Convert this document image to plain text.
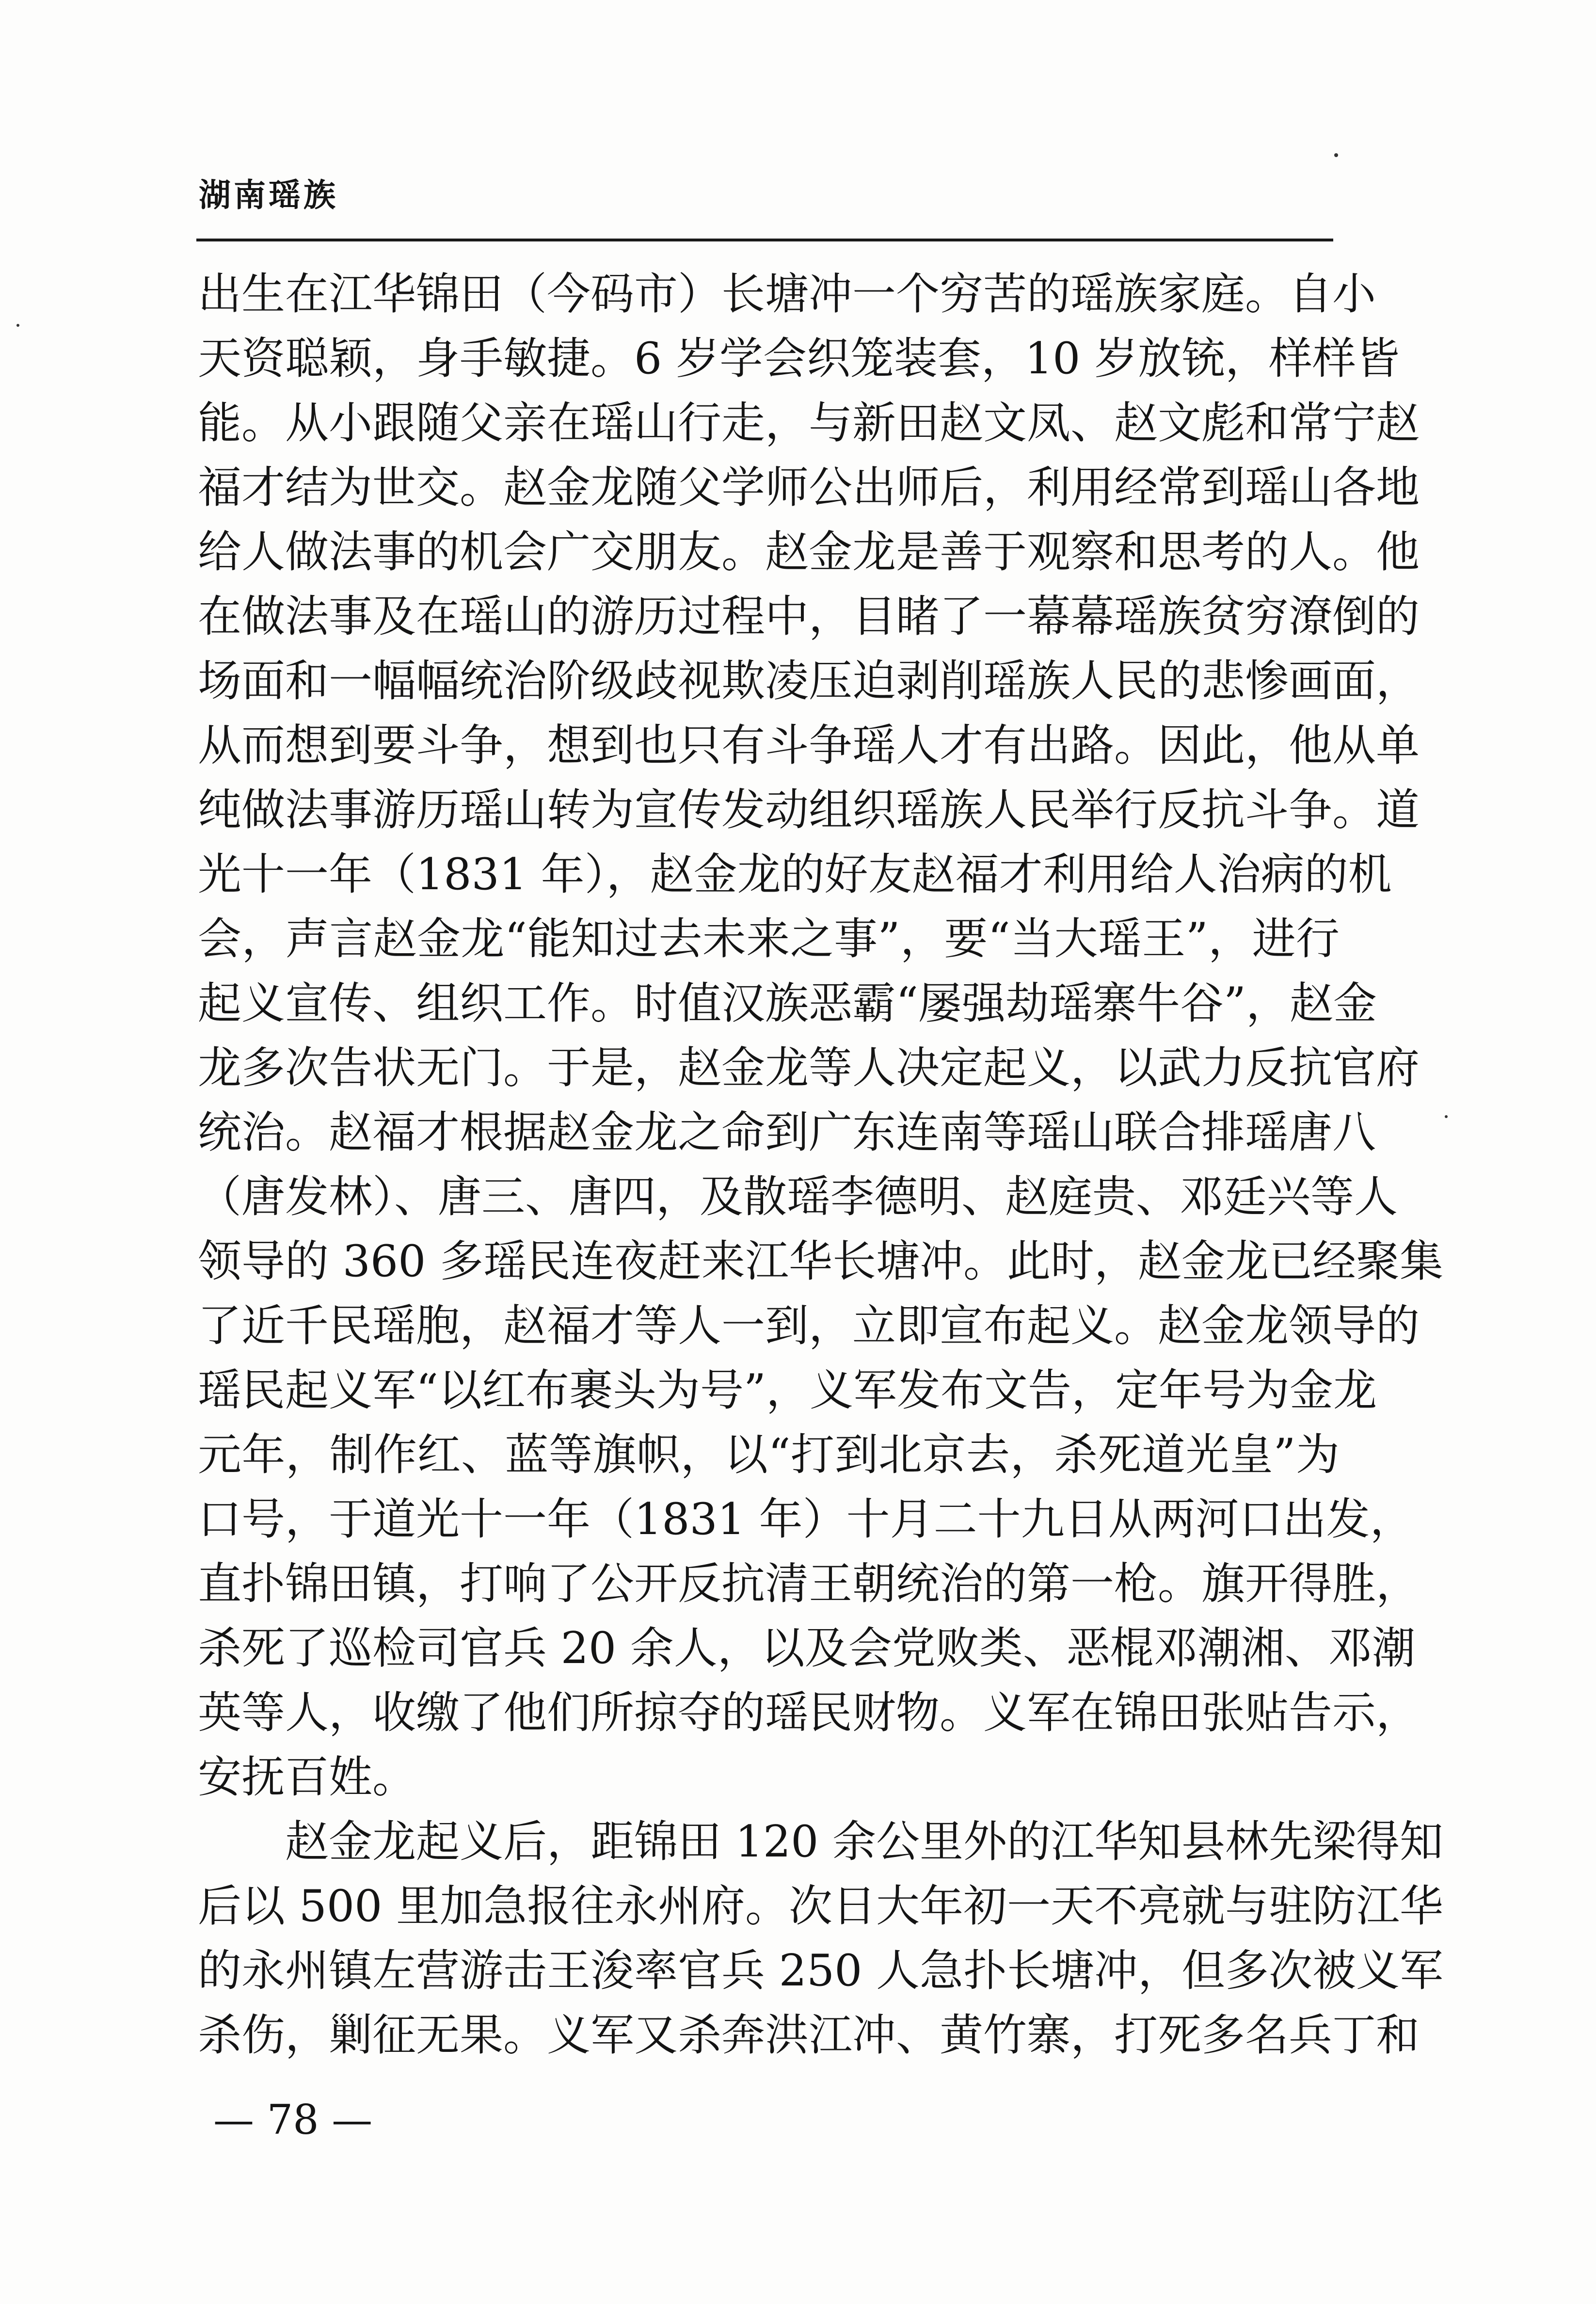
湖南瑶族
出生在江华锦田（今码市）长塘冲一个穷苦的瑶族家庭。自小
天资聪颖，身手敏捷。6 岁学会织笼装套，10 岁放铳，样样皆
能。从小跟随父亲在瑶山行走，与新田赵文凤、赵文彪和常宁赵
福才结为世交。赵金龙随父学师公出师后，利用经常到瑶山各地
给人做法事的机会广交朋友。赵金龙是善于观察和思考的人。他
在做法事及在瑶山的游历过程中，目睹了一幕幕瑶族贫穷潦倒的
场面和一幅幅统治阶级歧视欺凌压迫剥削瑶族人民的悲惨画面，
从而想到要斗争，想到也只有斗争瑶人才有出路。因此，他从单
纯做法事游历瑶山转为宣传发动组织瑶族人民举行反抗斗争。道
光十一年（1831 年），赵金龙的好友赵福才利用给人治病的机
会，声言赵金龙“能知过去未来之事”，要“当大瑶王”，进行
起义宣传、组织工作。时值汉族恶霸“屡强劫瑶寨牛谷”，赵金
龙多次告状无门。于是，赵金龙等人决定起义，以武力反抗官府
统治。赵福才根据赵金龙之命到广东连南等瑶山联合排瑶唐八
（唐发林）、唐三、唐四，及散瑶李德明、赵庭贵、邓廷兴等人
领导的 360 多瑶民连夜赶来江华长塘冲。此时，赵金龙已经聚集
了近千民瑶胞，赵福才等人一到，立即宣布起义。赵金龙领导的
瑶民起义军“以红布裹头为号”，义军发布文告，定年号为金龙
元年，制作红、蓝等旗帜，以“打到北京去，杀死道光皇”为
口号，于道光十一年（1831 年）十月二十九日从两河口出发，
直扑锦田镇，打响了公开反抗清王朝统治的第一枪。旗开得胜，
杀死了巡检司官兵 20 余人，以及会党败类、恶棍邓潮湘、邓潮
英等人，收缴了他们所掠夺的瑶民财物。义军在锦田张贴告示，
安抚百姓。
赵金龙起义后，距锦田 120 余公里外的江华知县林先梁得知
后以 500 里加急报往永州府。次日大年初一天不亮就与驻防江华
的永州镇左营游击王浚率官兵 250 人急扑长塘冲，但多次被义军
杀伤，剿征无果。义军又杀奔洪江冲、黄竹寨，打死多名兵丁和
— 78 —
